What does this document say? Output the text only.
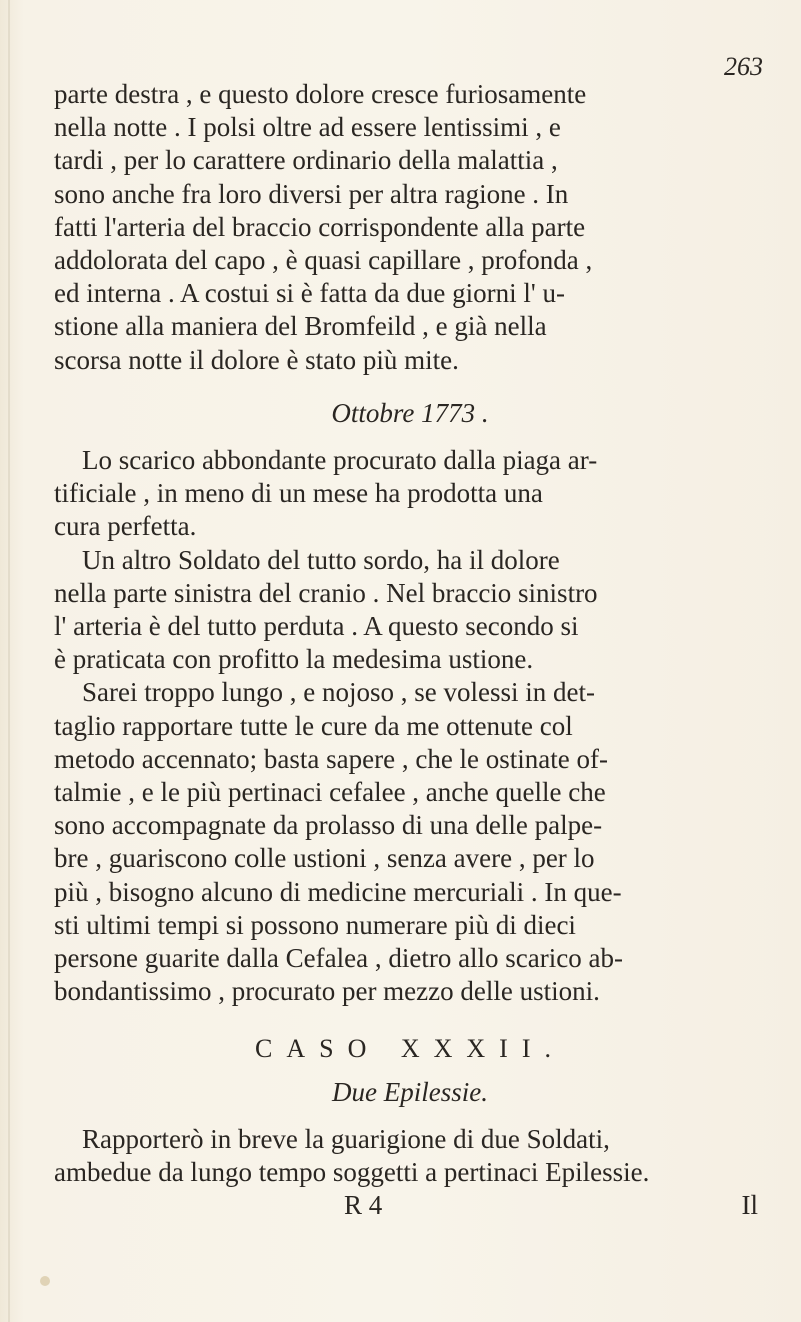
263
parte destra , e questo dolore cresce furiosamente
nella notte . I polsi oltre ad essere lentissimi , e
tardi , per lo carattere ordinario della malattia ,
sono anche fra loro diversi per altra ragione . In
fatti l'arteria del braccio corrispondente alla parte
addolorata del capo , è quasi capillare , profonda ,
ed interna . A costui si è fatta da due giorni l' u-
stione alla maniera del Bromfeild , e già nella
scorsa notte il dolore è stato più mite.
Ottobre 1773 .
Lo scarico abbondante procurato dalla piaga ar-
tificiale , in meno di un mese ha prodotta una
cura perfetta.
Un altro Soldato del tutto sordo, ha il dolore
nella parte sinistra del cranio . Nel braccio sinistro
l' arteria è del tutto perduta . A questo secondo si
è praticata con profitto la medesima ustione.
Sarei troppo lungo , e nojoso , se volessi in det-
taglio rapportare tutte le cure da me ottenute col
metodo accennato; basta sapere , che le ostinate of-
talmie , e le più pertinaci cefalee , anche quelle che
sono accompagnate da prolasso di una delle palpe-
bre , guariscono colle ustioni , senza avere , per lo
più , bisogno alcuno di medicine mercuriali . In que-
sti ultimi tempi si possono numerare più di dieci
persone guarite dalla Cefalea , dietro allo scarico ab-
bondantissimo , procurato per mezzo delle ustioni.
CASO XXXII.
Due Epilessie.
Rapporterò in breve la guarigione di due Soldati,
ambedue da lungo tempo soggetti a pertinaci Epilessie.
R 4	Il
